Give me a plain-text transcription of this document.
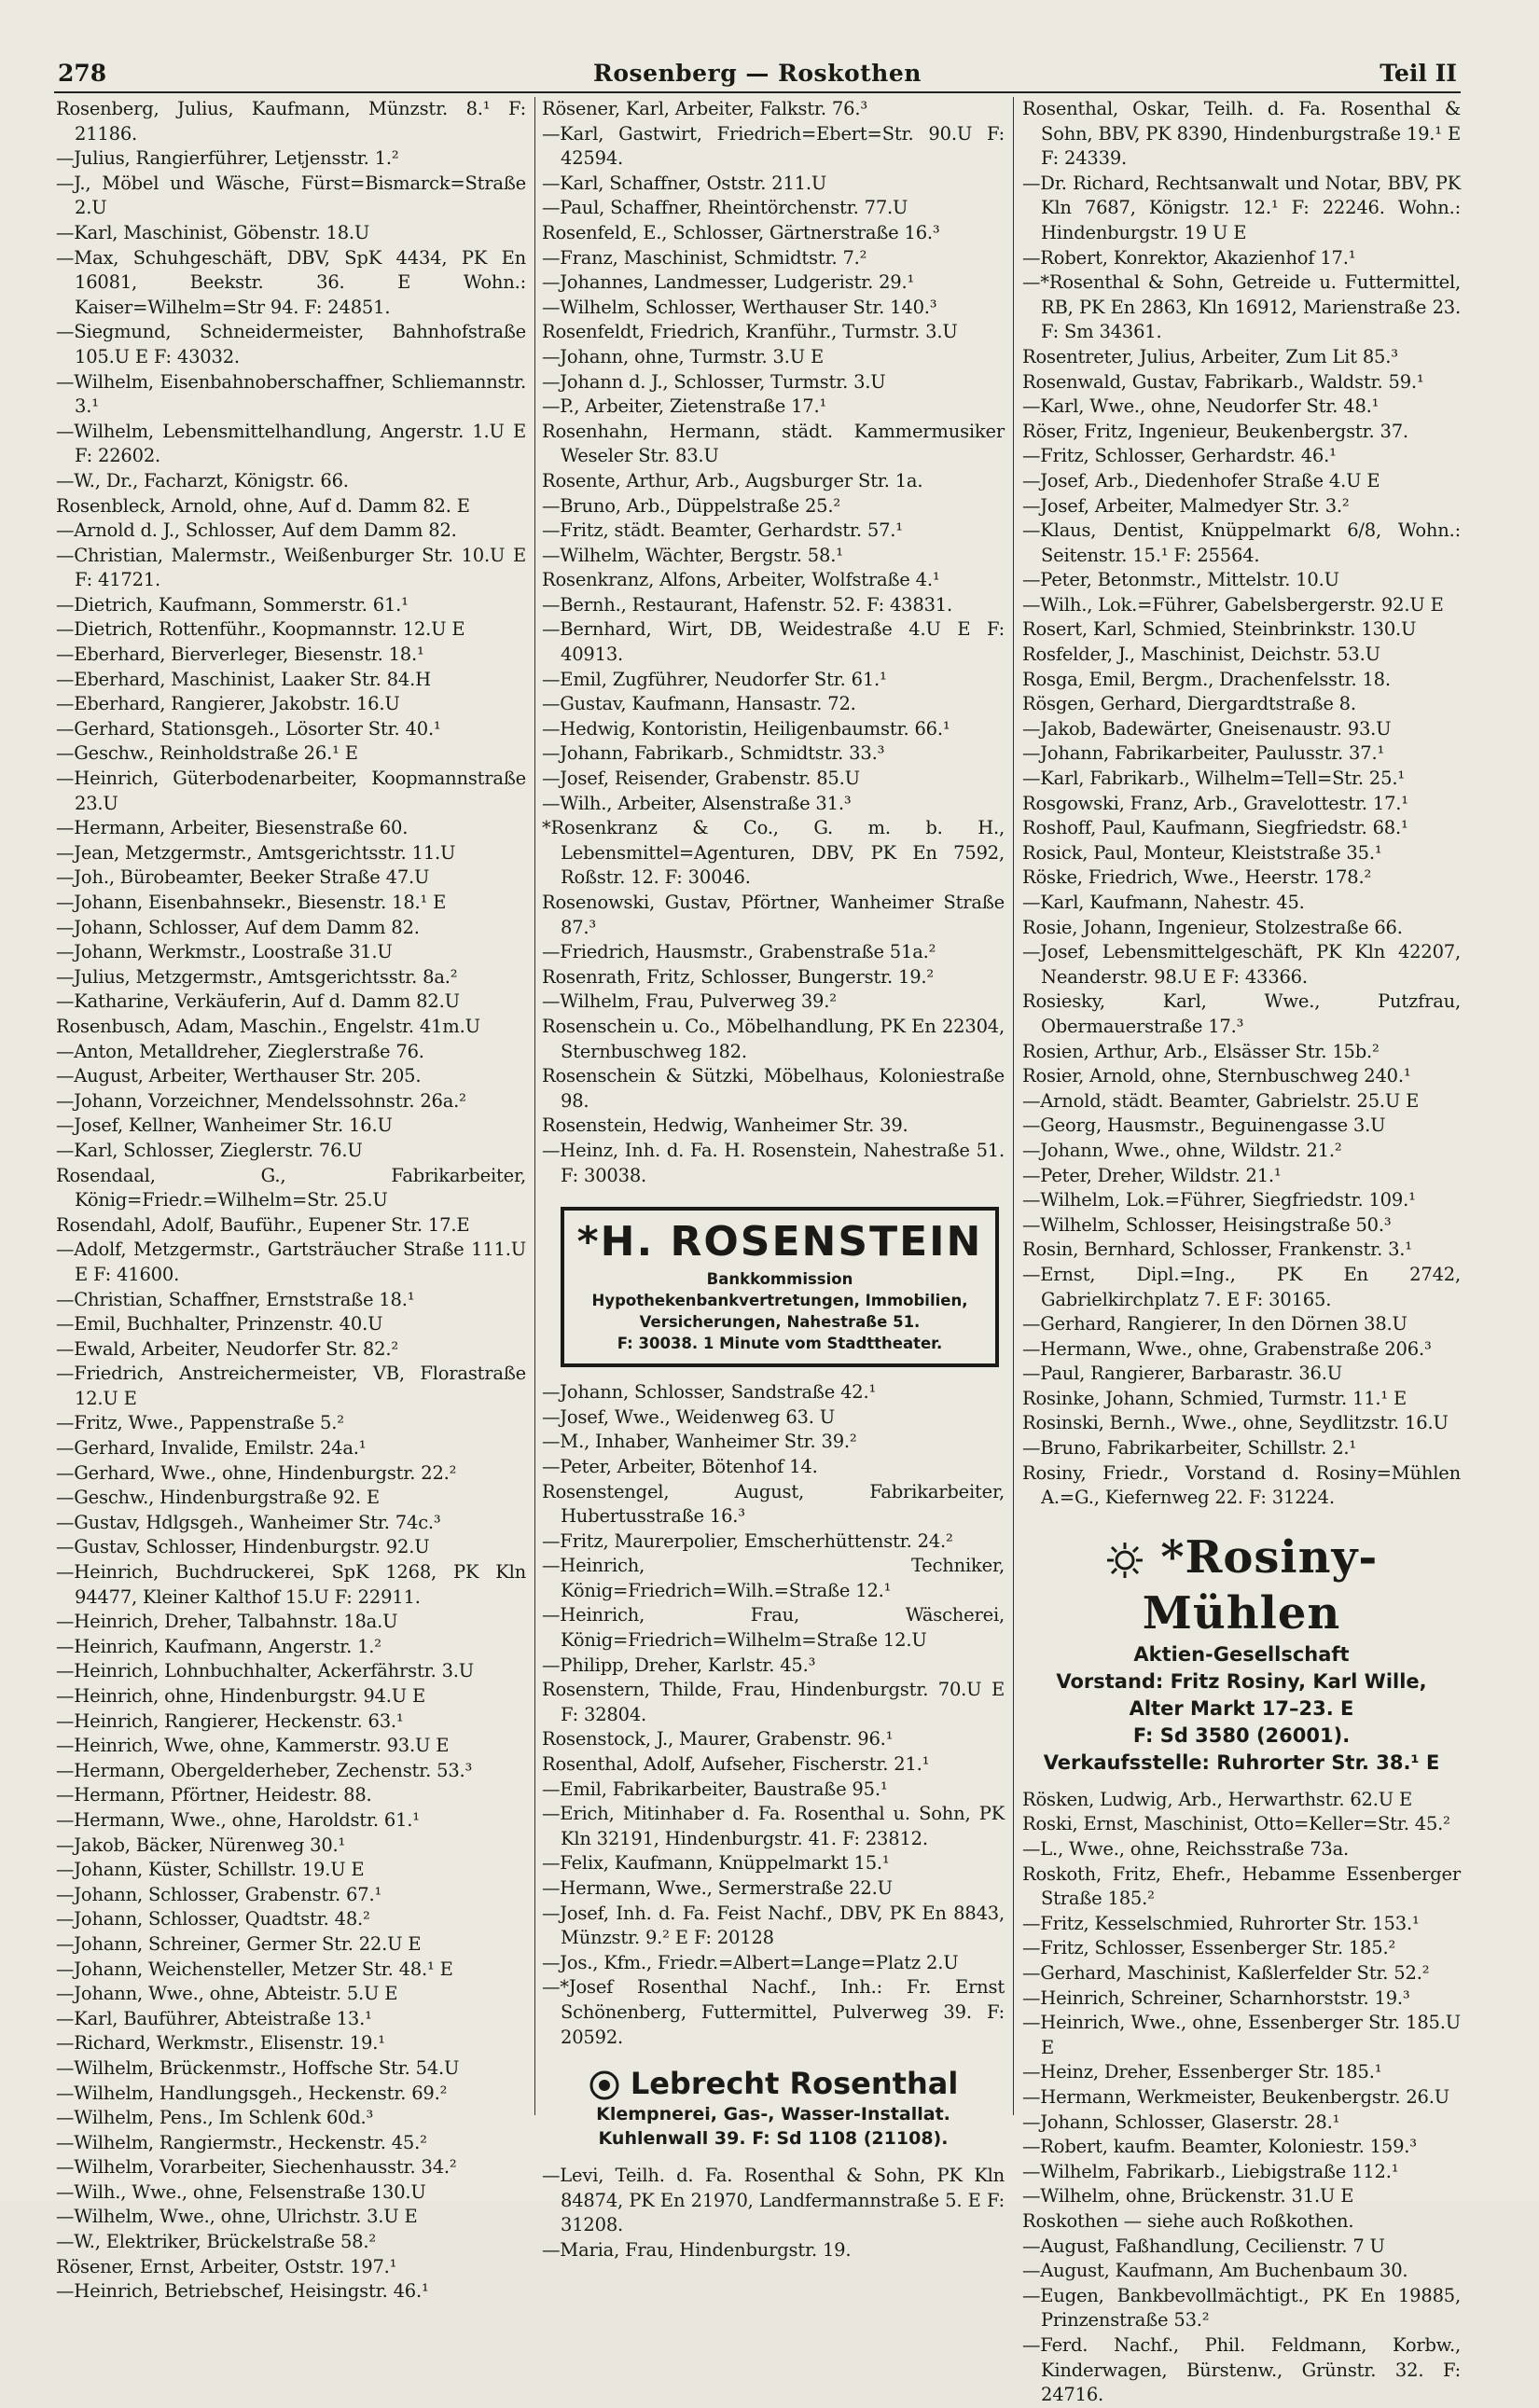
278	Rosenberg — Roskothen	Teil II
Rosenberg, Julius, Kaufmann, Münzstr. 8.¹ F: 21186.
—Julius, Rangierführer, Letjensstr. 1.²
—J., Möbel und Wäsche, Fürst=Bismarck=Straße 2.U
—Karl, Maschinist, Göbenstr. 18.U
—Max, Schuhgeschäft, DBV, SpK 4434, PK En 16081, Beekstr. 36. E Wohn.: Kaiser=Wilhelm=Str 94. F: 24851.
—Siegmund, Schneidermeister, Bahnhofstraße 105.U E F: 43032.
—Wilhelm, Eisenbahnoberschaffner, Schliemannstr. 3.¹
—Wilhelm, Lebensmittelhandlung, Angerstr. 1.U E F: 22602.
—W., Dr., Facharzt, Königstr. 66.
Rosenbleck, Arnold, ohne, Auf d. Damm 82. E
—Arnold d. J., Schlosser, Auf dem Damm 82.
—Christian, Malermstr., Weißenburger Str. 10.U E F: 41721.
—Dietrich, Kaufmann, Sommerstr. 61.¹
—Dietrich, Rottenführ., Koopmannstr. 12.U E
—Eberhard, Bierverleger, Biesenstr. 18.¹
—Eberhard, Maschinist, Laaker Str. 84.H
—Eberhard, Rangierer, Jakobstr. 16.U
—Gerhard, Stationsgeh., Lösorter Str. 40.¹
—Geschw., Reinholdstraße 26.¹ E
—Heinrich, Güterbodenarbeiter, Koopmannstraße 23.U
—Hermann, Arbeiter, Biesenstraße 60.
—Jean, Metzgermstr., Amtsgerichtsstr. 11.U
—Joh., Bürobeamter, Beeker Straße 47.U
—Johann, Eisenbahnsekr., Biesenstr. 18.¹ E
—Johann, Schlosser, Auf dem Damm 82.
—Johann, Werkmstr., Loostraße 31.U
—Julius, Metzgermstr., Amtsgerichtsstr. 8a.²
—Katharine, Verkäuferin, Auf d. Damm 82.U
Rosenbusch, Adam, Maschin., Engelstr. 41m.U
—Anton, Metalldreher, Zieglerstraße 76.
—August, Arbeiter, Werthauser Str. 205.
—Johann, Vorzeichner, Mendelssohnstr. 26a.²
—Josef, Kellner, Wanheimer Str. 16.U
—Karl, Schlosser, Zieglerstr. 76.U
Rosendaal, G., Fabrikarbeiter, König=Friedr.=Wilhelm=Str. 25.U
Rosendahl, Adolf, Bauführ., Eupener Str. 17.E
—Adolf, Metzgermstr., Gartsträucher Straße 111.U E F: 41600.
—Christian, Schaffner, Ernststraße 18.¹
—Emil, Buchhalter, Prinzenstr. 40.U
—Ewald, Arbeiter, Neudorfer Str. 82.²
—Friedrich, Anstreichermeister, VB, Florastraße 12.U E
—Fritz, Wwe., Pappenstraße 5.²
—Gerhard, Invalide, Emilstr. 24a.¹
—Gerhard, Wwe., ohne, Hindenburgstr. 22.²
—Geschw., Hindenburgstraße 92. E
—Gustav, Hdlgsgeh., Wanheimer Str. 74c.³
—Gustav, Schlosser, Hindenburgstr. 92.U
—Heinrich, Buchdruckerei, SpK 1268, PK Kln 94477, Kleiner Kalthof 15.U F: 22911.
—Heinrich, Dreher, Talbahnstr. 18a.U
—Heinrich, Kaufmann, Angerstr. 1.²
—Heinrich, Lohnbuchhalter, Ackerfährstr. 3.U
—Heinrich, ohne, Hindenburgstr. 94.U E
—Heinrich, Rangierer, Heckenstr. 63.¹
—Heinrich, Wwe, ohne, Kammerstr. 93.U E
—Hermann, Obergelderheber, Zechenstr. 53.³
—Hermann, Pförtner, Heidestr. 88.
—Hermann, Wwe., ohne, Haroldstr. 61.¹
—Jakob, Bäcker, Nürenweg 30.¹
—Johann, Küster, Schillstr. 19.U E
—Johann, Schlosser, Grabenstr. 67.¹
—Johann, Schlosser, Quadtstr. 48.²
—Johann, Schreiner, Germer Str. 22.U E
—Johann, Weichensteller, Metzer Str. 48.¹ E
—Johann, Wwe., ohne, Abteistr. 5.U E
—Karl, Bauführer, Abteistraße 13.¹
—Richard, Werkmstr., Elisenstr. 19.¹
—Wilhelm, Brückenmstr., Hoffsche Str. 54.U
—Wilhelm, Handlungsgeh., Heckenstr. 69.²
—Wilhelm, Pens., Im Schlenk 60d.³
—Wilhelm, Rangiermstr., Heckenstr. 45.²
—Wilhelm, Vorarbeiter, Siechenhausstr. 34.²
—Wilh., Wwe., ohne, Felsenstraße 130.U
—Wilhelm, Wwe., ohne, Ulrichstr. 3.U E
—W., Elektriker, Brückelstraße 58.²
Rösener, Ernst, Arbeiter, Oststr. 197.¹
—Heinrich, Betriebschef, Heisingstr. 46.¹
Rösener, Karl, Arbeiter, Falkstr. 76.³
—Karl, Gastwirt, Friedrich=Ebert=Str. 90.U F: 42594.
—Karl, Schaffner, Oststr. 211.U
—Paul, Schaffner, Rheintörchenstr. 77.U
Rosenfeld, E., Schlosser, Gärtnerstraße 16.³
—Franz, Maschinist, Schmidtstr. 7.²
—Johannes, Landmesser, Ludgeristr. 29.¹
—Wilhelm, Schlosser, Werthauser Str. 140.³
Rosenfeldt, Friedrich, Kranführ., Turmstr. 3.U
—Johann, ohne, Turmstr. 3.U E
—Johann d. J., Schlosser, Turmstr. 3.U
—P., Arbeiter, Zietenstraße 17.¹
Rosenhahn, Hermann, städt. Kammermusiker Weseler Str. 83.U
Rosente, Arthur, Arb., Augsburger Str. 1a.
—Bruno, Arb., Düppelstraße 25.²
—Fritz, städt. Beamter, Gerhardstr. 57.¹
—Wilhelm, Wächter, Bergstr. 58.¹
Rosenkranz, Alfons, Arbeiter, Wolfstraße 4.¹
—Bernh., Restaurant, Hafenstr. 52. F: 43831.
—Bernhard, Wirt, DB, Weidestraße 4.U E F: 40913.
—Emil, Zugführer, Neudorfer Str. 61.¹
—Gustav, Kaufmann, Hansastr. 72.
—Hedwig, Kontoristin, Heiligenbaumstr. 66.¹
—Johann, Fabrikarb., Schmidtstr. 33.³
—Josef, Reisender, Grabenstr. 85.U
—Wilh., Arbeiter, Alsenstraße 31.³
*Rosenkranz & Co., G. m. b. H., Lebensmittel=Agenturen, DBV, PK En 7592, Roßstr. 12. F: 30046.
Rosenowski, Gustav, Pförtner, Wanheimer Straße 87.³
—Friedrich, Hausmstr., Grabenstraße 51a.²
Rosenrath, Fritz, Schlosser, Bungerstr. 19.²
—Wilhelm, Frau, Pulverweg 39.²
Rosenschein u. Co., Möbelhandlung, PK En 22304, Sternbuschweg 182.
Rosenschein & Sützki, Möbelhaus, Koloniestraße 98.
Rosenstein, Hedwig, Wanheimer Str. 39.
—Heinz, Inh. d. Fa. H. Rosenstein, Nahestraße 51. F: 30038.
*H. ROSENSTEIN
Bankkommission
Hypothekenbankvertretungen, Immobilien,
Versicherungen, Nahestraße 51.
F: 30038. 1 Minute vom Stadttheater.
—Johann, Schlosser, Sandstraße 42.¹
—Josef, Wwe., Weidenweg 63. U
—M., Inhaber, Wanheimer Str. 39.²
—Peter, Arbeiter, Bötenhof 14.
Rosenstengel, August, Fabrikarbeiter, Hubertusstraße 16.³
—Fritz, Maurerpolier, Emscherhüttenstr. 24.²
—Heinrich, Techniker, König=Friedrich=Wilh.=Straße 12.¹
—Heinrich, Frau, Wäscherei, König=Friedrich=Wilhelm=Straße 12.U
—Philipp, Dreher, Karlstr. 45.³
Rosenstern, Thilde, Frau, Hindenburgstr. 70.U E F: 32804.
Rosenstock, J., Maurer, Grabenstr. 96.¹
Rosenthal, Adolf, Aufseher, Fischerstr. 21.¹
—Emil, Fabrikarbeiter, Baustraße 95.¹
—Erich, Mitinhaber d. Fa. Rosenthal u. Sohn, PK Kln 32191, Hindenburgstr. 41. F: 23812.
—Felix, Kaufmann, Knüppelmarkt 15.¹
—Hermann, Wwe., Sermerstraße 22.U
—Josef, Inh. d. Fa. Feist Nachf., DBV, PK En 8843, Münzstr. 9.² E F: 20128
—Jos., Kfm., Friedr.=Albert=Lange=Platz 2.U
—*Josef Rosenthal Nachf., Inh.: Fr. Ernst Schönenberg, Futtermittel, Pulverweg 39. F: 20592.
Lebrecht Rosenthal
Klempnerei, Gas-, Wasser-Installat.
Kuhlenwall 39. F: Sd 1108 (21108).
—Levi, Teilh. d. Fa. Rosenthal & Sohn, PK Kln 84874, PK En 21970, Landfermannstraße 5. E F: 31208.
—Maria, Frau, Hindenburgstr. 19.
Rosenthal, Oskar, Teilh. d. Fa. Rosenthal & Sohn, BBV, PK 8390, Hindenburgstraße 19.¹ E F: 24339.
—Dr. Richard, Rechtsanwalt und Notar, BBV, PK Kln 7687, Königstr. 12.¹ F: 22246. Wohn.: Hindenburgstr. 19 U E
—Robert, Konrektor, Akazienhof 17.¹
—*Rosenthal & Sohn, Getreide u. Futtermittel, RB, PK En 2863, Kln 16912, Marienstraße 23. F: Sm 34361.
Rosentreter, Julius, Arbeiter, Zum Lit 85.³
Rosenwald, Gustav, Fabrikarb., Waldstr. 59.¹
—Karl, Wwe., ohne, Neudorfer Str. 48.¹
Röser, Fritz, Ingenieur, Beukenbergstr. 37.
—Fritz, Schlosser, Gerhardstr. 46.¹
—Josef, Arb., Diedenhofer Straße 4.U E
—Josef, Arbeiter, Malmedyer Str. 3.²
—Klaus, Dentist, Knüppelmarkt 6/8, Wohn.: Seitenstr. 15.¹ F: 25564.
—Peter, Betonmstr., Mittelstr. 10.U
—Wilh., Lok.=Führer, Gabelsbergerstr. 92.U E
Rosert, Karl, Schmied, Steinbrinkstr. 130.U
Rosfelder, J., Maschinist, Deichstr. 53.U
Rosga, Emil, Bergm., Drachenfelsstr. 18.
Rösgen, Gerhard, Diergardtstraße 8.
—Jakob, Badewärter, Gneisenaustr. 93.U
—Johann, Fabrikarbeiter, Paulusstr. 37.¹
—Karl, Fabrikarb., Wilhelm=Tell=Str. 25.¹
Rosgowski, Franz, Arb., Gravelottestr. 17.¹
Roshoff, Paul, Kaufmann, Siegfriedstr. 68.¹
Rosick, Paul, Monteur, Kleiststraße 35.¹
Röske, Friedrich, Wwe., Heerstr. 178.²
—Karl, Kaufmann, Nahestr. 45.
Rosie, Johann, Ingenieur, Stolzestraße 66.
—Josef, Lebensmittelgeschäft, PK Kln 42207, Neanderstr. 98.U E F: 43366.
Rosiesky, Karl, Wwe., Putzfrau, Obermauerstraße 17.³
Rosien, Arthur, Arb., Elsässer Str. 15b.²
Rosier, Arnold, ohne, Sternbuschweg 240.¹
—Arnold, städt. Beamter, Gabrielstr. 25.U E
—Georg, Hausmstr., Beguinengasse 3.U
—Johann, Wwe., ohne, Wildstr. 21.²
—Peter, Dreher, Wildstr. 21.¹
—Wilhelm, Lok.=Führer, Siegfriedstr. 109.¹
—Wilhelm, Schlosser, Heisingstraße 50.³
Rosin, Bernhard, Schlosser, Frankenstr. 3.¹
—Ernst, Dipl.=Ing., PK En 2742, Gabrielkirchplatz 7. E F: 30165.
—Gerhard, Rangierer, In den Dörnen 38.U
—Hermann, Wwe., ohne, Grabenstraße 206.³
—Paul, Rangierer, Barbarastr. 36.U
Rosinke, Johann, Schmied, Turmstr. 11.¹ E
Rosinski, Bernh., Wwe., ohne, Seydlitzstr. 16.U
—Bruno, Fabrikarbeiter, Schillstr. 2.¹
Rosiny, Friedr., Vorstand d. Rosiny=Mühlen A.=G., Kiefernweg 22. F: 31224.
*Rosiny-Mühlen
Aktien-Gesellschaft
Vorstand: Fritz Rosiny, Karl Wille,
Alter Markt 17–23. E
F: Sd 3580 (26001).
Verkaufsstelle: Ruhrorter Str. 38.¹ E
Rösken, Ludwig, Arb., Herwarthstr. 62.U E
Roski, Ernst, Maschinist, Otto=Keller=Str. 45.²
—L., Wwe., ohne, Reichsstraße 73a.
Roskoth, Fritz, Ehefr., Hebamme Essenberger Straße 185.²
—Fritz, Kesselschmied, Ruhrorter Str. 153.¹
—Fritz, Schlosser, Essenberger Str. 185.²
—Gerhard, Maschinist, Kaßlerfelder Str. 52.²
—Heinrich, Schreiner, Scharnhorststr. 19.³
—Heinrich, Wwe., ohne, Essenberger Str. 185.U E
—Heinz, Dreher, Essenberger Str. 185.¹
—Hermann, Werkmeister, Beukenbergstr. 26.U
—Johann, Schlosser, Glaserstr. 28.¹
—Robert, kaufm. Beamter, Koloniestr. 159.³
—Wilhelm, Fabrikarb., Liebigstraße 112.¹
—Wilhelm, ohne, Brückenstr. 31.U E
Roskothen — siehe auch Roßkothen.
—August, Faßhandlung, Cecilienstr. 7 U
—August, Kaufmann, Am Buchenbaum 30.
—Eugen, Bankbevollmächtigt., PK En 19885, Prinzenstraße 53.²
—Ferd. Nachf., Phil. Feldmann, Korbw., Kinderwagen, Bürstenw., Grünstr. 32. F: 24716.
